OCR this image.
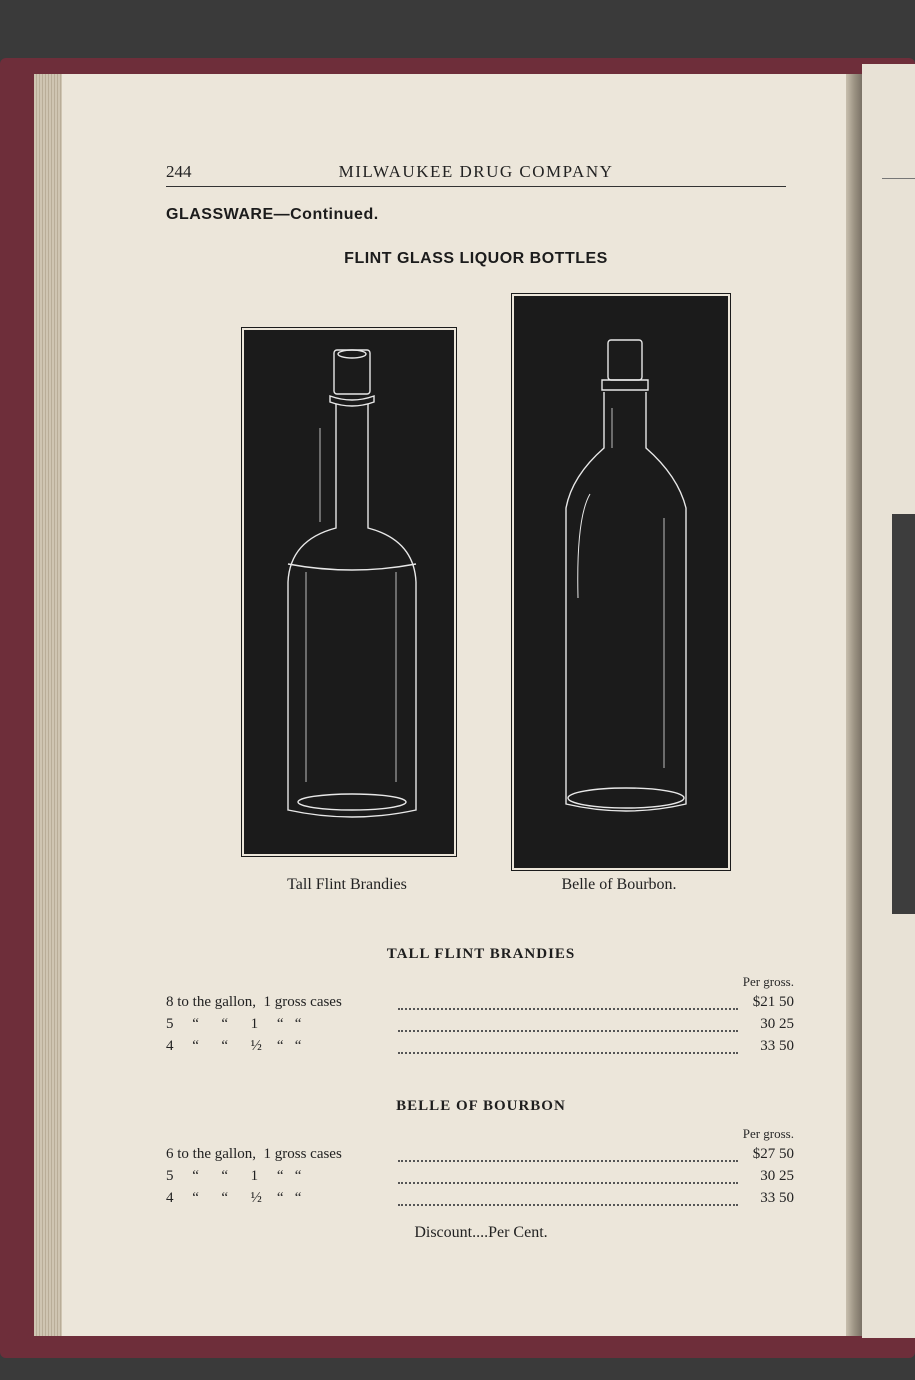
244	MILWAUKEE DRUG COMPANY
GLASSWARE—Continued.
FLINT GLASS LIQUOR BOTTLES
Tall Flint Brandies	Belle of Bourbon.
TALL FLINT BRANDIES
Per gross.
8 to the gallon,  1 gross cases	$21 50
5     “      “      1     “   “	30 25
4     “      “      ½    “   “	33 50
BELLE OF BOURBON
Per gross.
6 to the gallon,  1 gross cases	$27 50
5     “      “      1     “   “	30 25
4     “      “      ½    “   “	33 50
Discount....Per Cent.
